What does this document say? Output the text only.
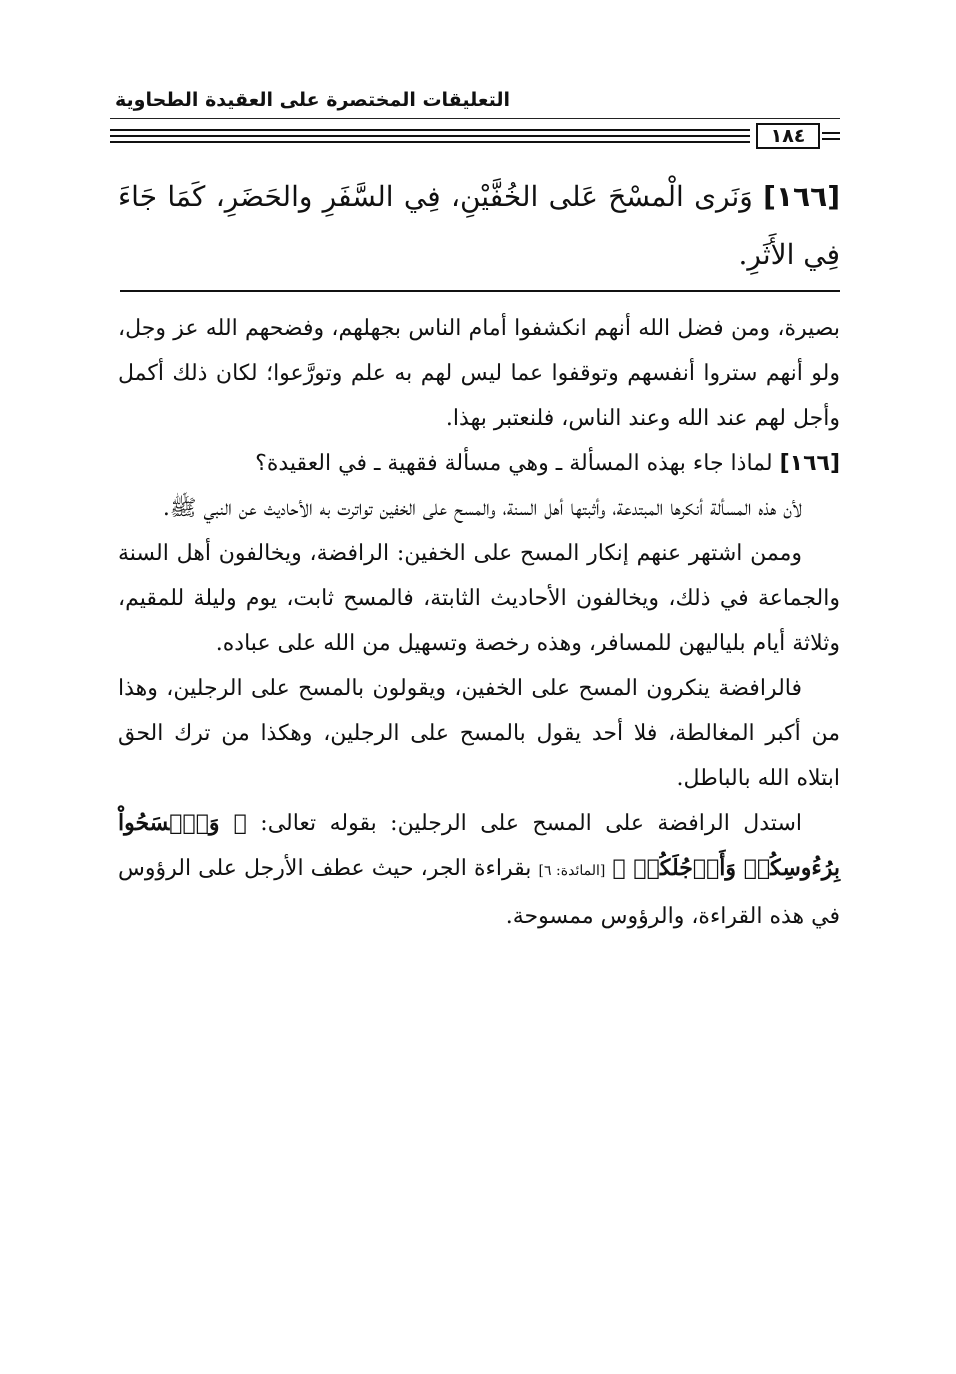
التعليقات المختصرة على العقيدة الطحاوية
١٨٤
[١٦٦] وَنَرى الْمسْحَ عَلى الخُفَّيْنِ، فِي السَّفَرِ والحَضَرِ، كَمَا جَاءَ فِي الأَثَرِ.

بصيرة، ومن فضل الله أنهم انكشفوا أمام الناس بجهلهم، وفضحهم الله عز وجل، ولو أنهم ستروا أنفسهم وتوقفوا عما ليس لهم به علم وتورَّعوا؛ لكان ذلك أكمل وأجل لهم عند الله وعند الناس، فلنعتبر بهذا.

[١٦٦] لماذا جاء بهذه المسألة ـ وهي مسألة فقهية ـ في العقيدة؟

لأن هذه المسألة أنكرها المبتدعة، وأثبتها أهل السنة، والمسح على الخفين تواترت به الأحاديث عن النبي ﷺ.

وممن اشتهر عنهم إنكار المسح على الخفين: الرافضة، ويخالفون أهل السنة والجماعة في ذلك، ويخالفون الأحاديث الثابتة، فالمسح ثابت، يوم وليلة للمقيم، وثلاثة أيام بلياليهن للمسافر، وهذه رخصة وتسهيل من الله على عباده.

فالرافضة ينكرون المسح على الخفين، ويقولون بالمسح على الرجلين، وهذا من أكبر المغالطة، فلا أحد يقول بالمسح على الرجلين، وهكذا من ترك الحق ابتلاه الله بالباطل.

استدل الرافضة على المسح على الرجلين: بقوله تعالى: ﴿ وَٱمۡسَحُواْ بِرُءُوسِكُمۡ وَأَرۡجُلَكُمۡ ﴾ [المائدة: ٦] بقراءة الجر، حيث عطف الأرجل على الرؤوس في هذه القراءة، والرؤوس ممسوحة.
